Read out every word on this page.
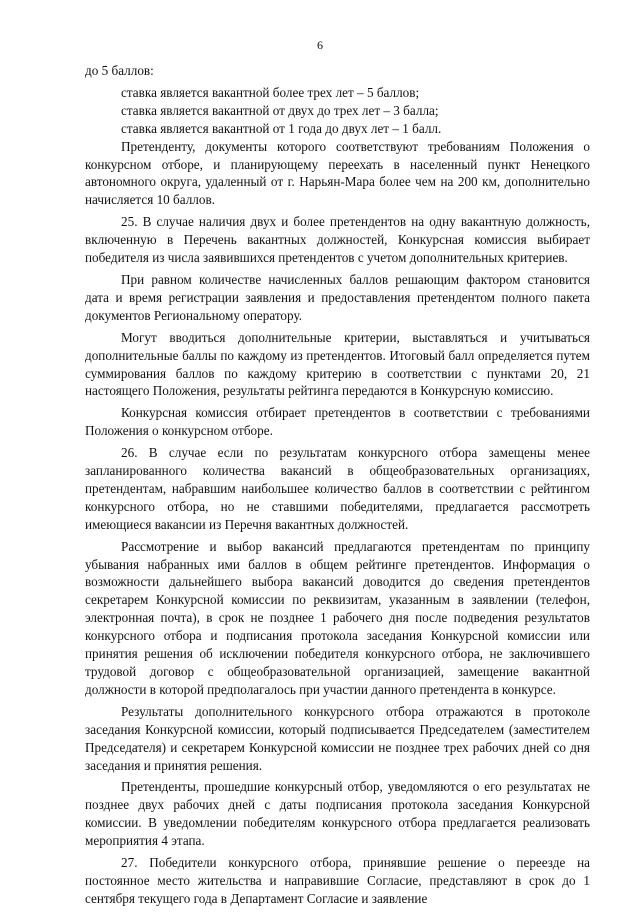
6

до 5 баллов:

ставка является вакантной более трех лет – 5 баллов;

ставка является вакантной от двух до трех лет – 3 балла;

ставка является вакантной от 1 года до двух лет – 1 балл.

Претенденту, документы которого соответствуют требованиям Положения о конкурсном отборе, и планирующему переехать в населенный пункт Ненецкого автономного округа, удаленный от г. Нарьян-Мара более чем на 200 км, дополнительно начисляется 10 баллов.

25. В случае наличия двух и более претендентов на одну вакантную должность, включенную в Перечень вакантных должностей, Конкурсная комиссия выбирает победителя из числа заявившихся претендентов с учетом дополнительных критериев.

При равном количестве начисленных баллов решающим фактором становится дата и время регистрации заявления и предоставления претендентом полного пакета документов Региональному оператору.

Могут вводиться дополнительные критерии, выставляться и учитываться дополнительные баллы по каждому из претендентов. Итоговый балл определяется путем суммирования баллов по каждому критерию в соответствии с пунктами 20, 21 настоящего Положения, результаты рейтинга передаются в Конкурсную комиссию.

Конкурсная комиссия отбирает претендентов в соответствии с требованиями Положения о конкурсном отборе.

26. В случае если по результатам конкурсного отбора замещены менее запланированного количества вакансий в общеобразовательных организациях, претендентам, набравшим наибольшее количество баллов в соответствии с рейтингом конкурсного отбора, но не ставшими победителями, предлагается рассмотреть имеющиеся вакансии из Перечня вакантных должностей.

Рассмотрение и выбор вакансий предлагаются претендентам по принципу убывания набранных ими баллов в общем рейтинге претендентов. Информация о возможности дальнейшего выбора вакансий доводится до сведения претендентов секретарем Конкурсной комиссии по реквизитам, указанным в заявлении (телефон, электронная почта), в срок не позднее 1 рабочего дня после подведения результатов конкурсного отбора и подписания протокола заседания Конкурсной комиссии или принятия решения об исключении победителя конкурсного отбора, не заключившего трудовой договор с общеобразовательной организацией, замещение вакантной должности в которой предполагалось при участии данного претендента в конкурсе.

Результаты дополнительного конкурсного отбора отражаются в протоколе заседания Конкурсной комиссии, который подписывается Председателем (заместителем Председателя) и секретарем Конкурсной комиссии не позднее трех рабочих дней со дня заседания и принятия решения.

Претенденты, прошедшие конкурсный отбор, уведомляются о его результатах не позднее двух рабочих дней с даты подписания протокола заседания Конкурсной комиссии. В уведомлении победителям конкурсного отбора предлагается реализовать мероприятия 4 этапа.

27. Победители конкурсного отбора, принявшие решение о переезде на постоянное место жительства и направившие Согласие, представляют в срок до 1 сентября текущего года в Департамент Согласие и заявление
